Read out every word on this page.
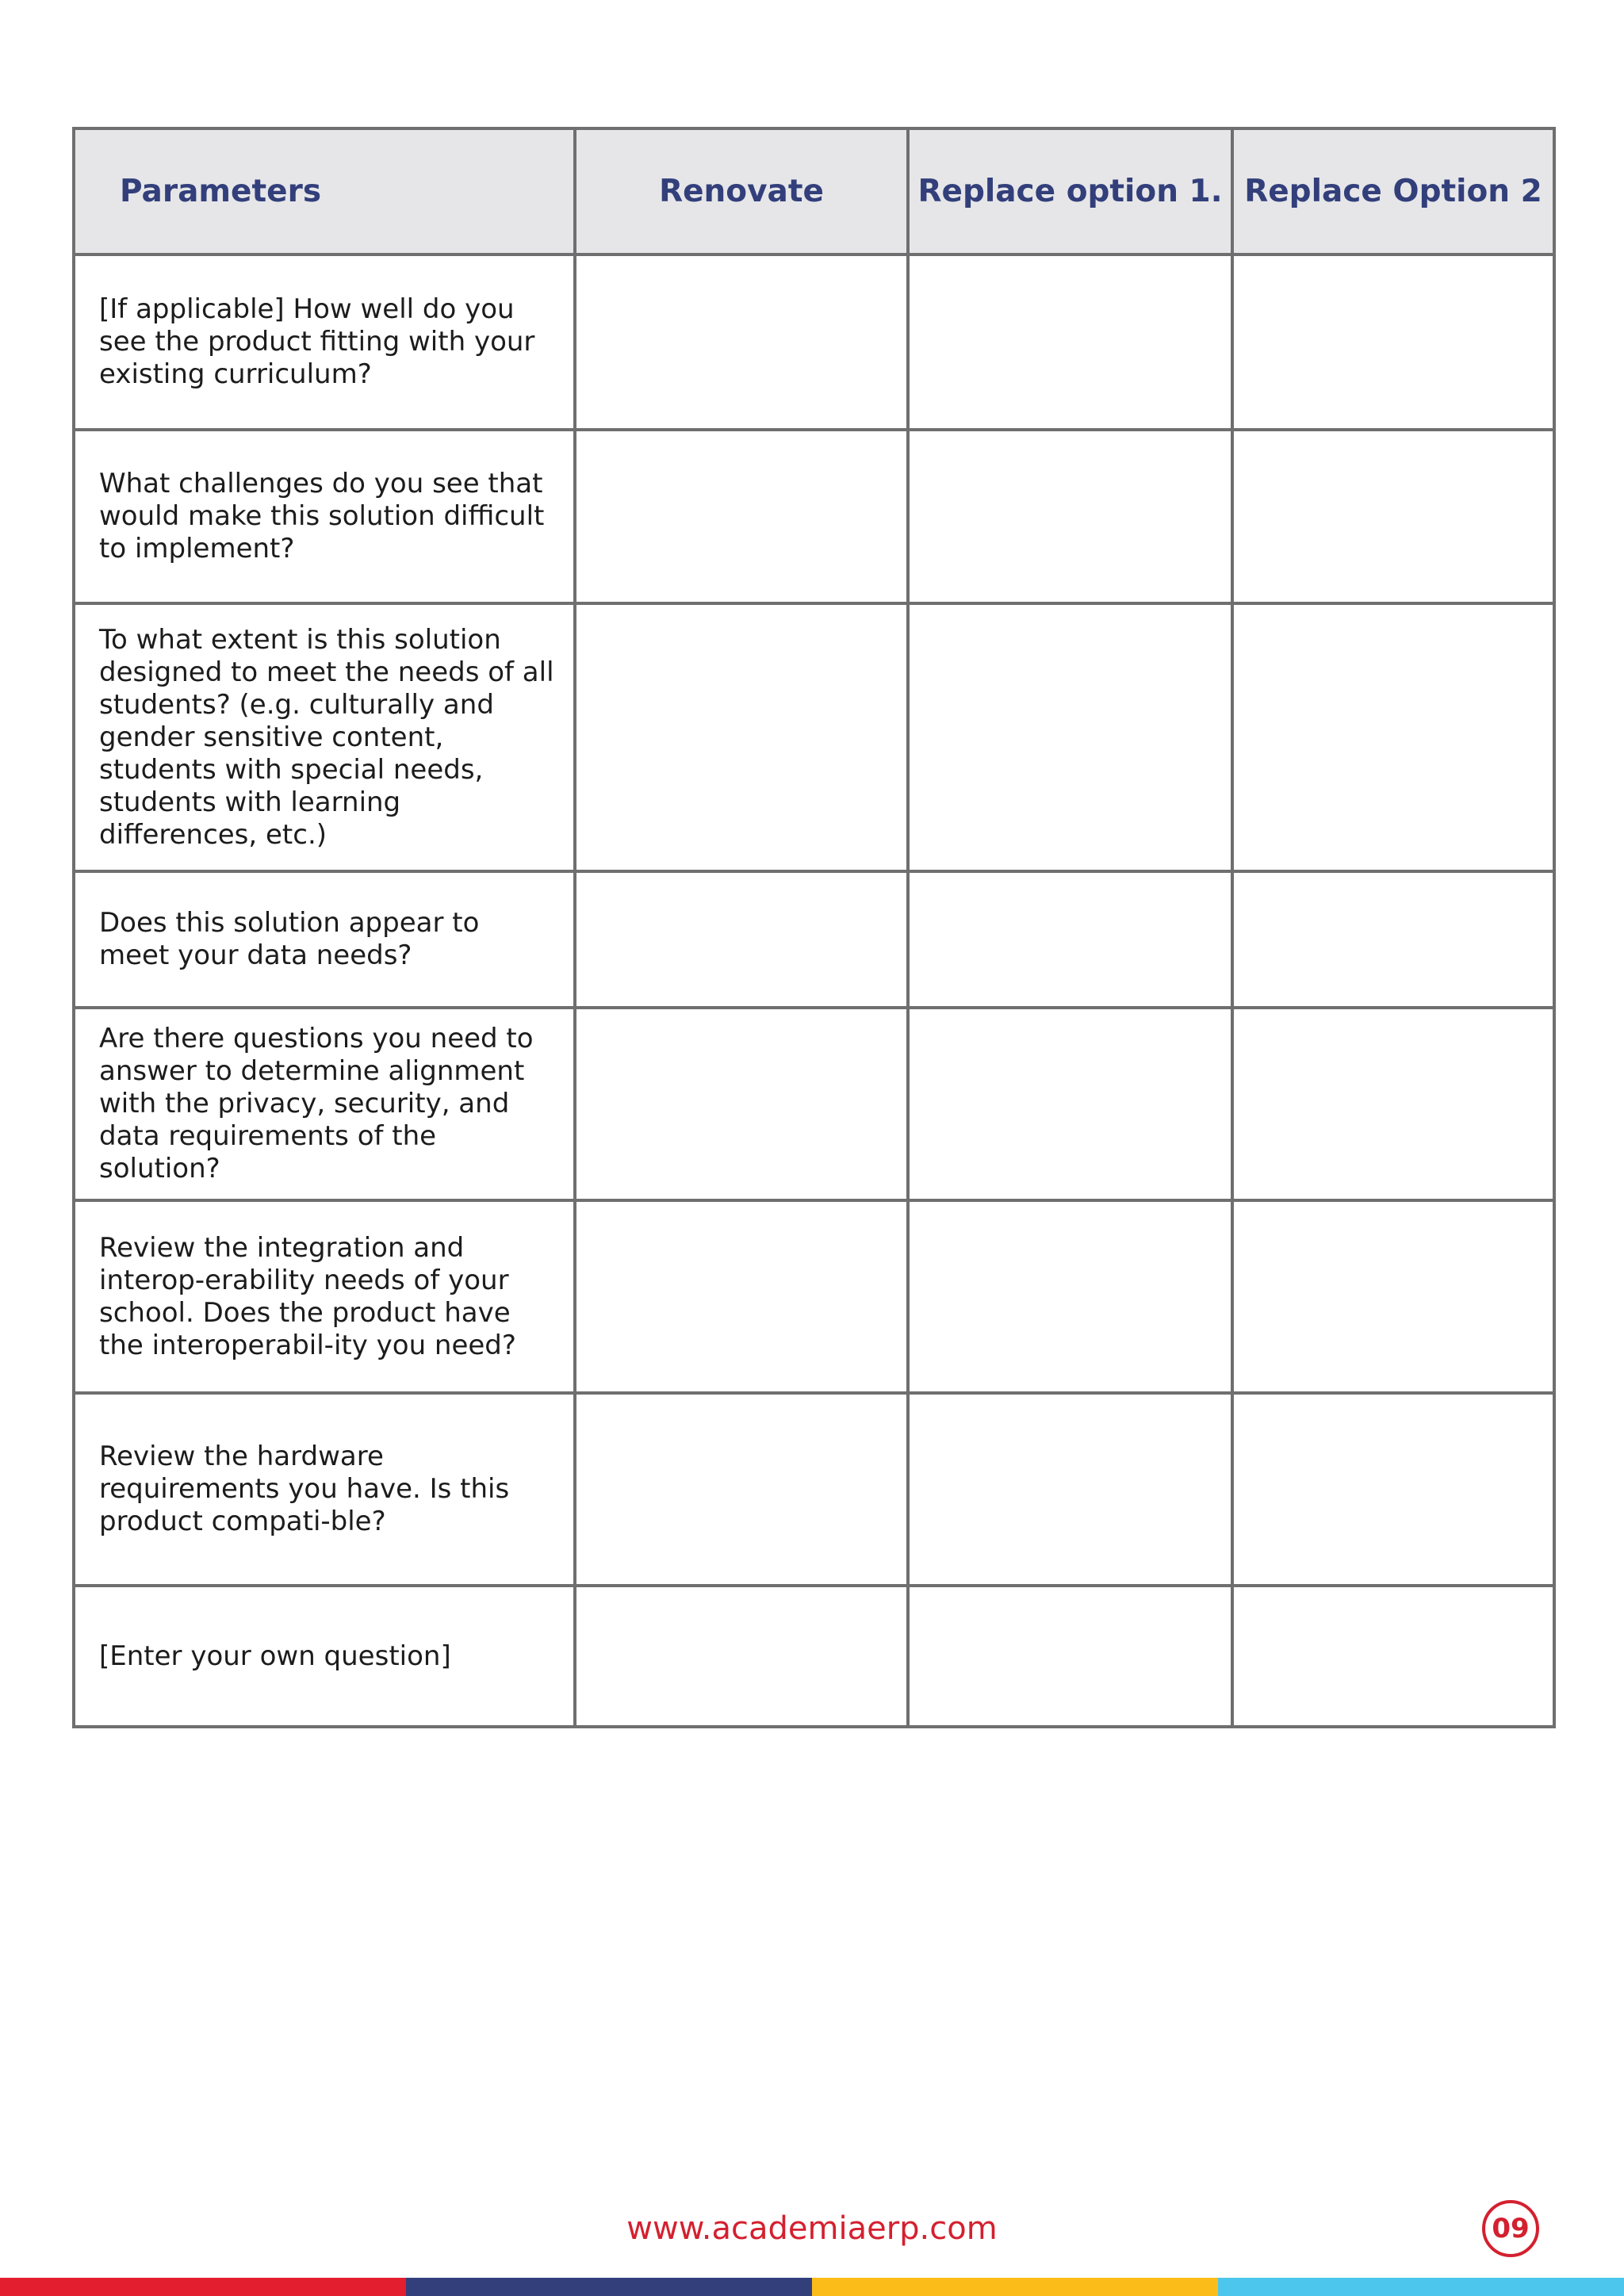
Parameters	Renovate	Replace option 1.	Replace Option 2
[If applicable] How well do you see the product fitting with your existing curriculum?			
What challenges do you see that would make this solution difficult to implement?			
To what extent is this solution designed to meet the needs of all students? (e.g. culturally and gender sensitive content, students with special needs, students with learning differences, etc.)			
Does this solution appear to meet your data needs?			
Are there questions you need to answer to determine alignment with the privacy, security, and data requirements of the solution?			
Review the integration and interop-erability needs of your school. Does the product have the interoperabil-ity you need?			
Review the hardware requirements you have. Is this product compati-ble?			
[Enter your own question]			
www.academiaerp.com	09
